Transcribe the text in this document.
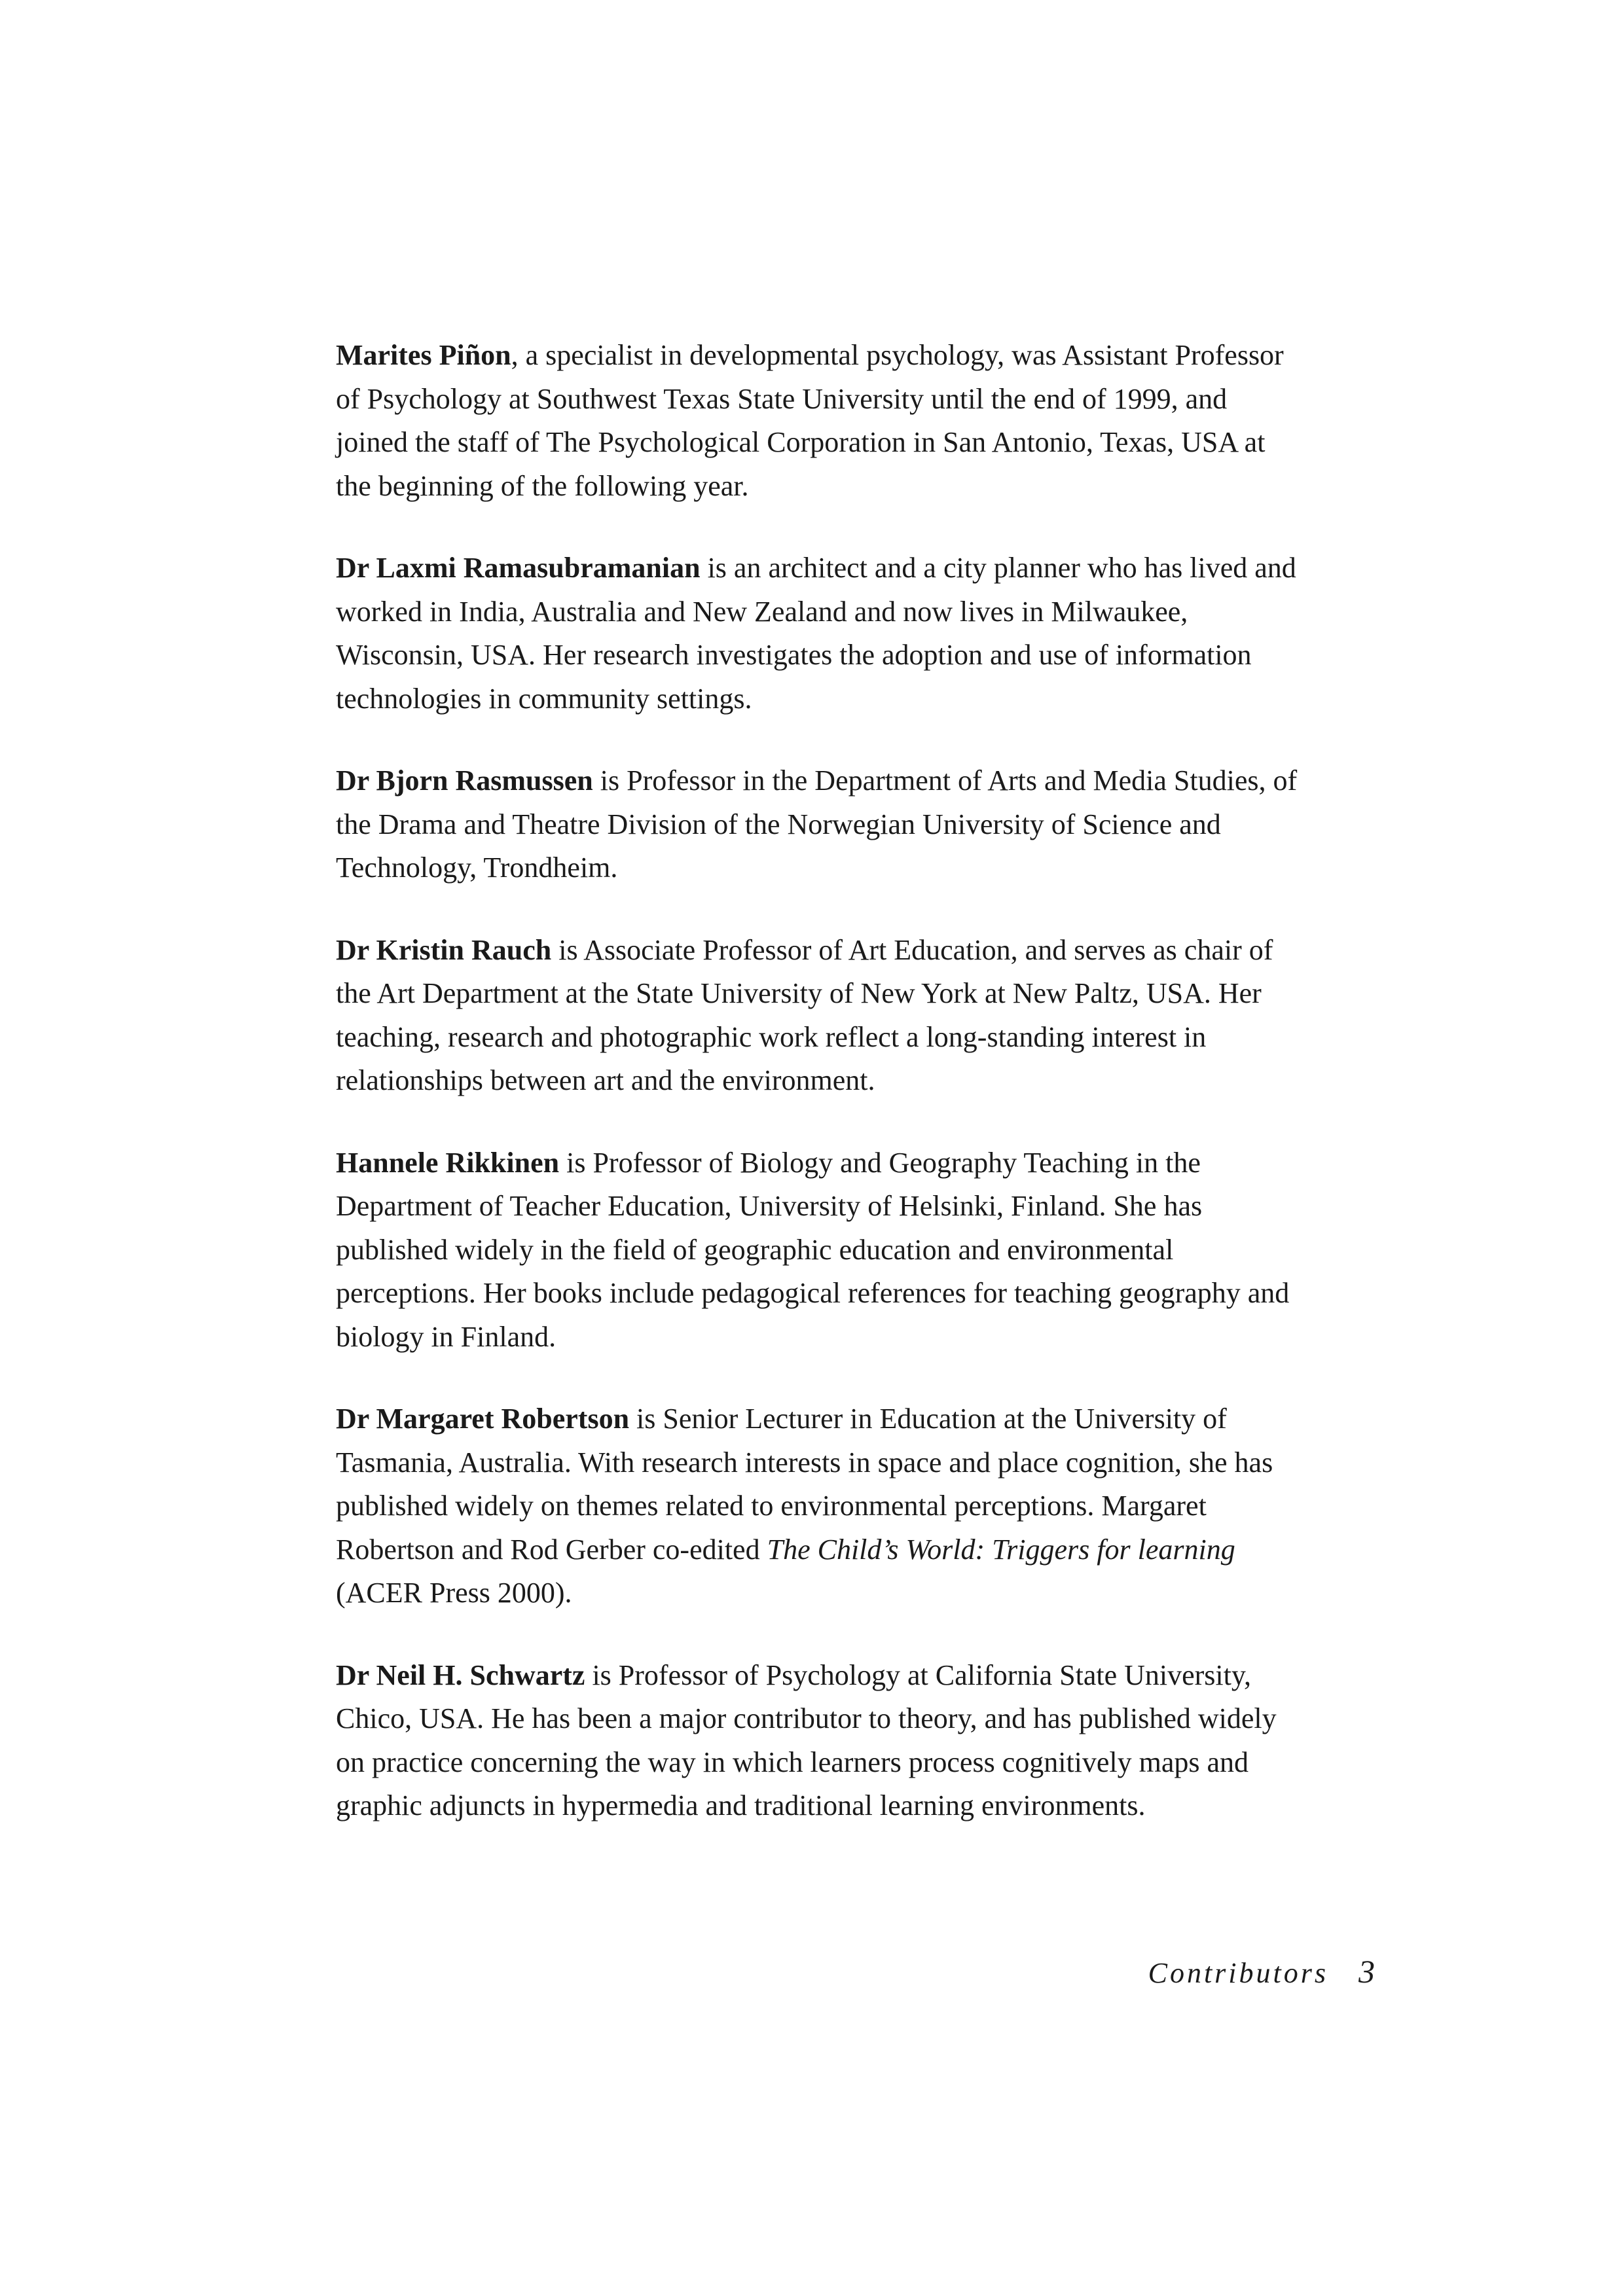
Marites Piñon, a specialist in developmental psychology, was Assistant Professor of Psychology at Southwest Texas State University until the end of 1999, and joined the staff of The Psychological Corporation in San Antonio, Texas, USA at the beginning of the following year.

Dr Laxmi Ramasubramanian is an architect and a city planner who has lived and worked in India, Australia and New Zealand and now lives in Milwaukee, Wisconsin, USA. Her research investigates the adoption and use of information technologies in community settings.

Dr Bjorn Rasmussen is Professor in the Department of Arts and Media Studies, of the Drama and Theatre Division of the Norwegian University of Science and Technology, Trondheim.

Dr Kristin Rauch is Associate Professor of Art Education, and serves as chair of the Art Department at the State University of New York at New Paltz, USA. Her teaching, research and photographic work reflect a long-standing interest in relationships between art and the environment.

Hannele Rikkinen is Professor of Biology and Geography Teaching in the Department of Teacher Education, University of Helsinki, Finland. She has published widely in the field of geographic education and environmental perceptions. Her books include pedagogical references for teaching geography and biology in Finland.

Dr Margaret Robertson is Senior Lecturer in Education at the University of Tasmania, Australia. With research interests in space and place cognition, she has published widely on themes related to environmental perceptions. Margaret Robertson and Rod Gerber co-edited The Child’s World: Triggers for learning (ACER Press 2000).

Dr Neil H. Schwartz is Professor of Psychology at California State University, Chico, USA. He has been a major contributor to theory, and has published widely on practice concerning the way in which learners process cognitively maps and graphic adjuncts in hypermedia and traditional learning environments.

Contributors 3
